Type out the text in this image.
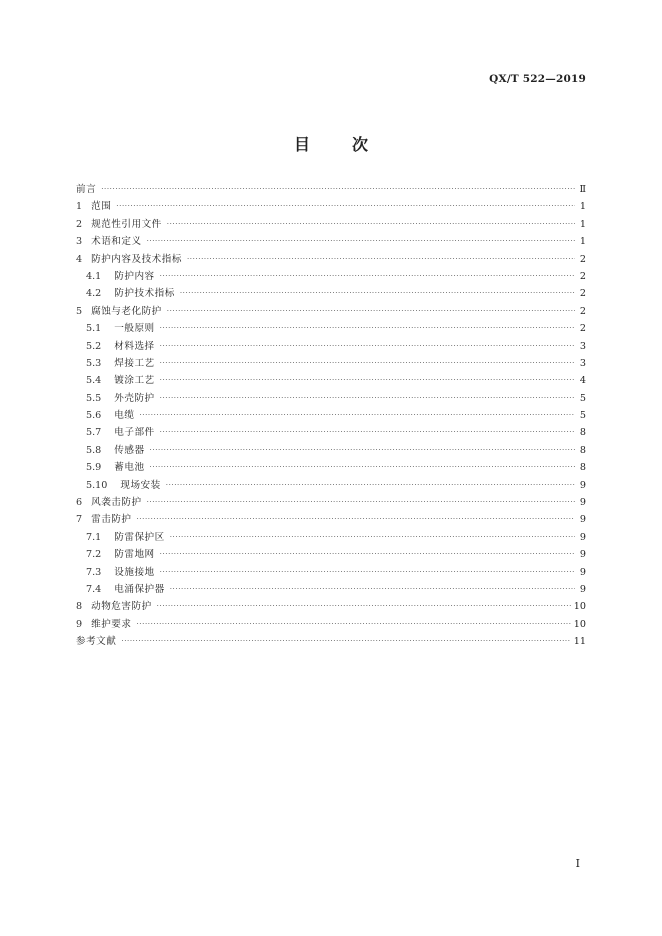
QX/T 522—2019
目	次
前言 ·····	Ⅱ
1 范围 ·····	1
2 规范性引用文件 ·····	1
3 术语和定义 ·····	1
4 防护内容及技术指标 ·····	2
4.1 防护内容 ·····	2
4.2 防护技术指标 ·····	2
5 腐蚀与老化防护 ·····	2
5.1 一般原则 ·····	2
5.2 材料选择 ·····	3
5.3 焊接工艺 ·····	3
5.4 镀涂工艺 ·····	4
5.5 外壳防护 ·····	5
5.6 电缆 ·····	5
5.7 电子部件 ·····	8
5.8 传感器 ·····	8
5.9 蓄电池 ·····	8
5.10 现场安装 ·····	9
6 风袭击防护 ·····	9
7 雷击防护 ·····	9
7.1 防雷保护区 ·····	9
7.2 防雷地网 ·····	9
7.3 设施接地 ·····	9
7.4 电涌保护器 ·····	9
8 动物危害防护 ·····	10
9 维护要求 ·····	10
参考文献 ·····	11
I
